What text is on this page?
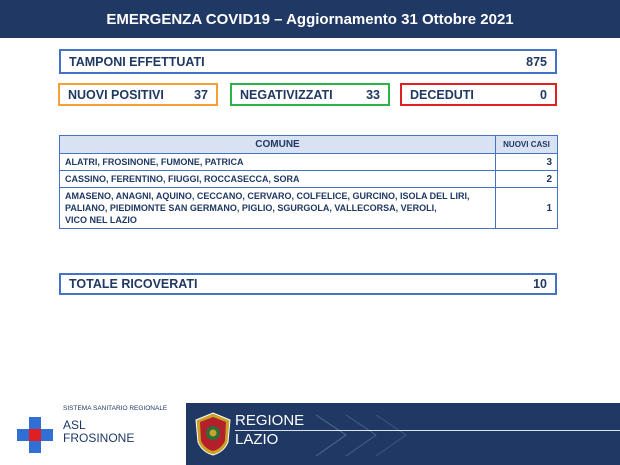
EMERGENZA COVID19 – Aggiornamento 31 Ottobre 2021
TAMPONI EFFETTUATI	875
NUOVI POSITIVI 37	NEGATIVIZZATI	33 DECEDUTI	0
COMUNE	NUOVI CASI
ALATRI, FROSINONE, FUMONE, PATRICA	3
CASSINO, FERENTINO, FIUGGI, ROCCASECCA, SORA	2

AMASENO, ANAGNI, AQUINO, CECCANO, CERVARO, COLFELICE, GURCINO, ISOLA DEL LIRI,
PALIANO, PIEDIMONTE SAN GERMANO, PIGLIO, SGURGOLA, VALLECORSA, VEROLI,
VICO NEL LAZIO	1
TOTALE RICOVERATI	10
SISTEMA SANITARIO REGIONALE
ASL
FROSINONE
REGIONE
LAZIO
